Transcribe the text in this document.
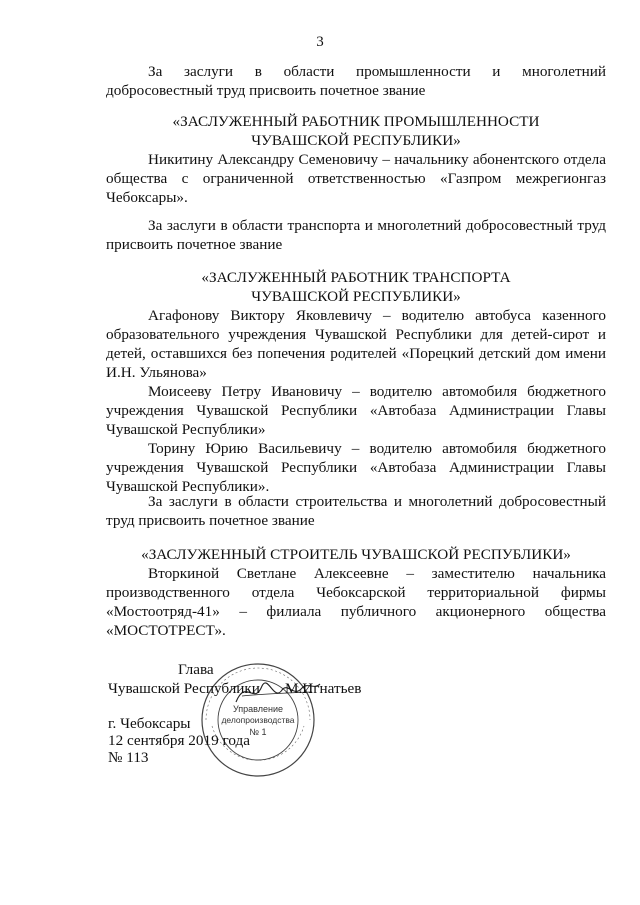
3

За заслуги в области промышленности и многолетний добросовестный труд присвоить почетное звание

«ЗАСЛУЖЕННЫЙ РАБОТНИК ПРОМЫШЛЕННОСТИ
ЧУВАШСКОЙ РЕСПУБЛИКИ»

Никитину Александру Семеновичу – начальнику абонентского отдела общества с ограниченной ответственностью «Газпром межрегионгаз Чебоксары».

За заслуги в области транспорта и многолетний добросовестный труд присвоить почетное звание

«ЗАСЛУЖЕННЫЙ РАБОТНИК ТРАНСПОРТА
ЧУВАШСКОЙ РЕСПУБЛИКИ»

Агафонову Виктору Яковлевичу – водителю автобуса казенного образовательного учреждения Чувашской Республики для детей-сирот и детей, оставшихся без попечения родителей «Порецкий детский дом имени И.Н. Ульянова»

Моисееву Петру Ивановичу – водителю автомобиля бюджетного учреждения Чувашской Республики «Автобаза Администрации Главы Чувашской Республики»

Торину Юрию Васильевичу – водителю автомобиля бюджетного учреждения Чувашской Республики «Автобаза Администрации Главы Чувашской Республики».

За заслуги в области строительства и многолетний добросовестный труд присвоить почетное звание

«ЗАСЛУЖЕННЫЙ СТРОИТЕЛЬ ЧУВАШСКОЙ РЕСПУБЛИКИ»

Вторкиной Светлане Алексеевне – заместителю начальника производственного отдела Чебоксарской территориальной фирмы «Мостоотряд-41» – филиала публичного акционерного общества «МОСТОТРЕСТ».

Управление
делопроизводства
№ 1
Глава
Чувашской Республики М.Игнатьев
г. Чебоксары
12 сентября 2019 года
№ 113
